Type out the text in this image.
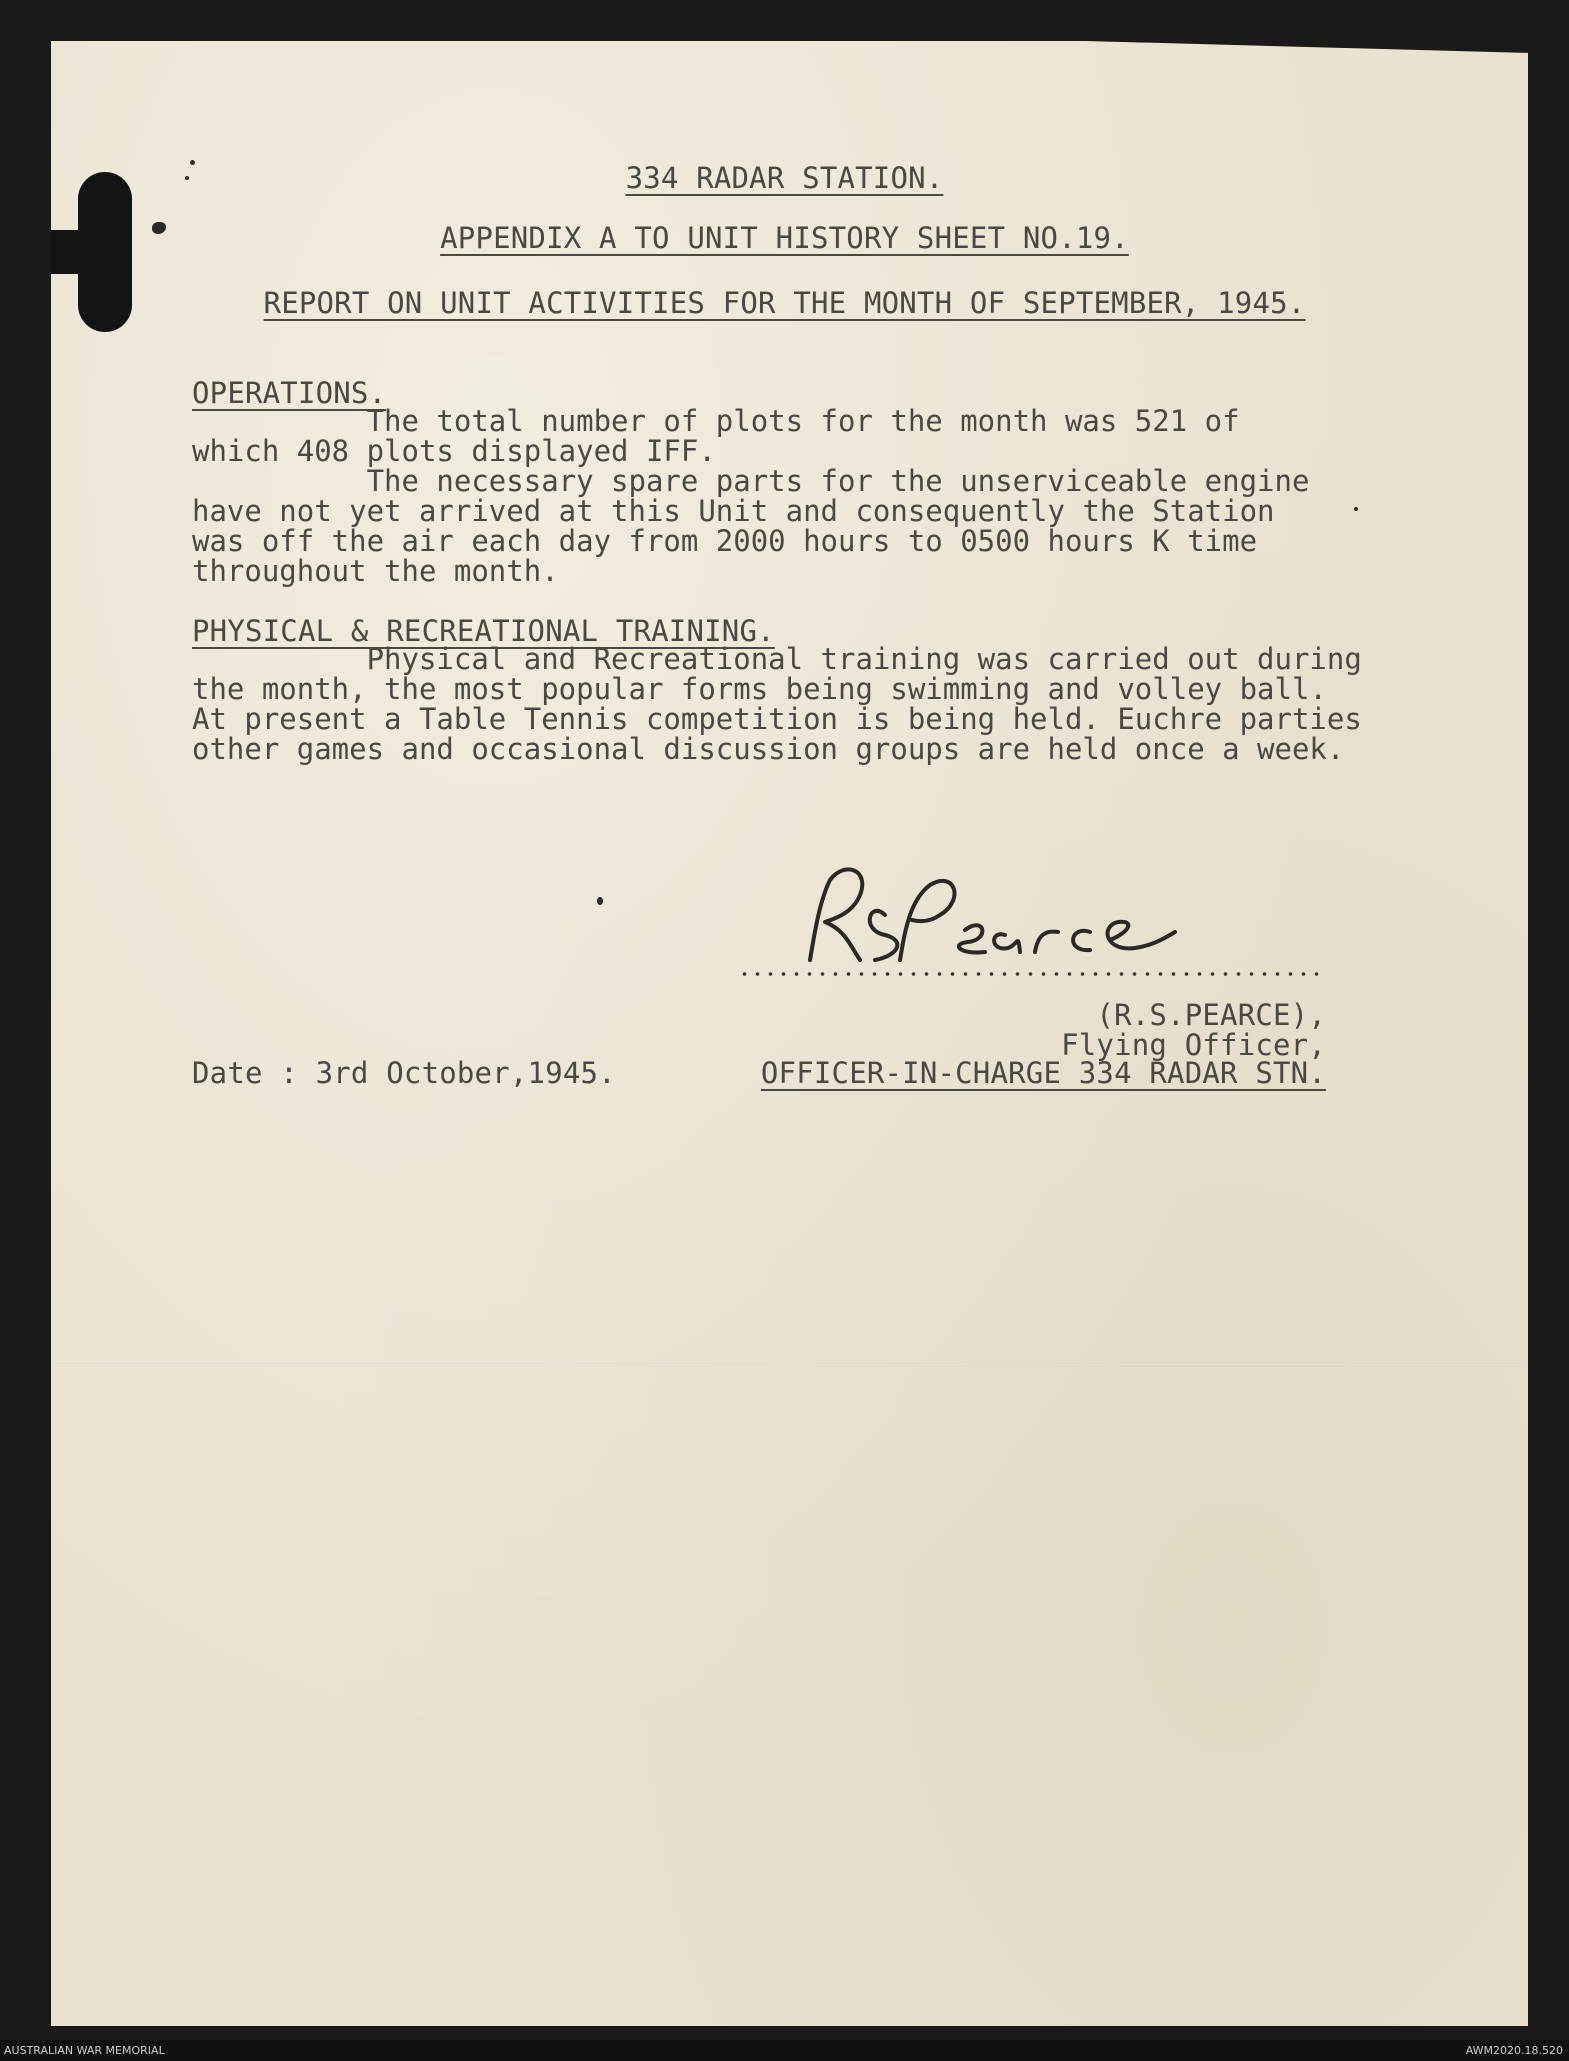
334 RADAR STATION.

APPENDIX A TO UNIT HISTORY SHEET NO.19.

REPORT ON UNIT ACTIVITIES FOR THE MONTH OF SEPTEMBER, 1945.

OPERATIONS.

The total number of plots for the month was 521 of
which 408 plots displayed IFF.
The necessary spare parts for the unserviceable engine
have not yet arrived at this Unit and consequently the Station
was off the air each day from 2000 hours to 0500 hours K time
throughout the month.

PHYSICAL & RECREATIONAL TRAINING.

Physical and Recreational training was carried out during
the month, the most popular forms being swimming and volley ball.
At present a Table Tennis competition is being held. Euchre parties
other games and occasional discussion groups are held once a week.

RSPearce

(R.S.PEARCE),

Flying Officer,

Date : 3rd October,1945.	OFFICER-IN-CHARGE 334 RADAR STN.

AUSTRALIAN WAR MEMORIAL	AWM2020.18.520
